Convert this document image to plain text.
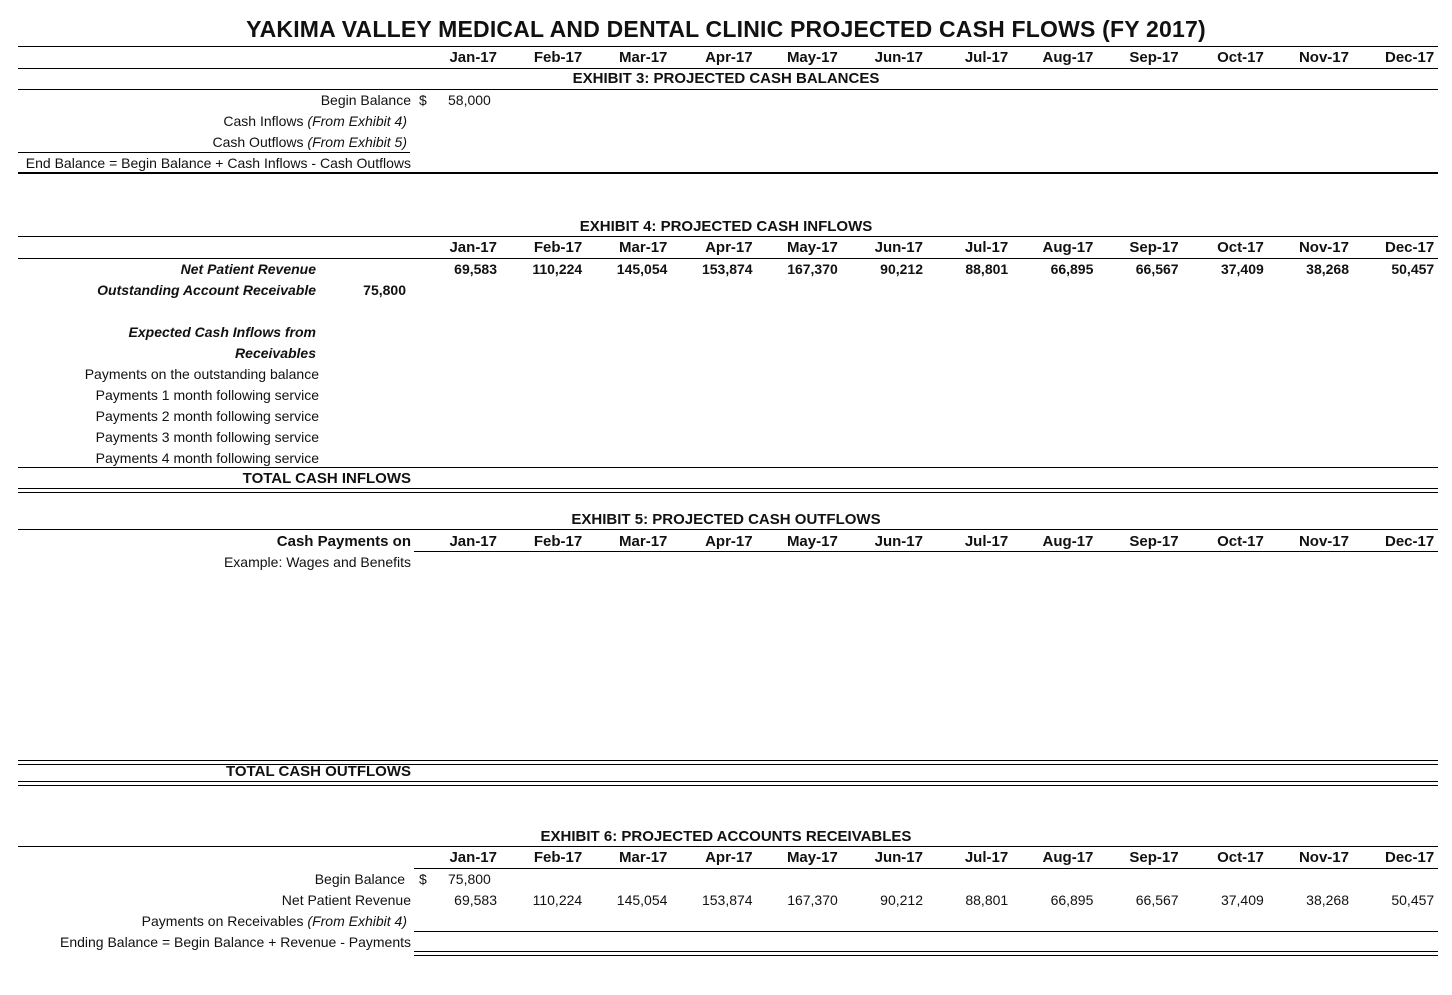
YAKIMA VALLEY MEDICAL AND DENTAL CLINIC PROJECTED CASH FLOWS (FY 2017)
Jan-17	Feb-17	Mar-17	Apr-17	May-17	Jun-17	Jul-17	Aug-17	Sep-17	Oct-17	Nov-17	Dec-17
EXHIBIT 3: PROJECTED CASH BALANCES
Begin Balance $ 58,000
Cash Inflows (From Exhibit 4)
Cash Outflows (From Exhibit 5)
End Balance = Begin Balance + Cash Inflows - Cash Outflows
EXHIBIT 4: PROJECTED CASH INFLOWS
Jan-17	Feb-17	Mar-17	Apr-17	May-17	Jun-17	Jul-17	Aug-17	Sep-17	Oct-17	Nov-17	Dec-17
Net Patient Revenue	69,583	110,224	145,054	153,874	167,370	90,212	88,801	66,895	66,567	37,409	38,268	50,457
Outstanding Account Receivable	75,800
Expected Cash Inflows from
Receivables
Payments on the outstanding balance
Payments 1 month following service
Payments 2 month following service
Payments 3 month following service
Payments 4 month following service
TOTAL CASH INFLOWS
EXHIBIT 5: PROJECTED CASH OUTFLOWS
Cash Payments on	Jan-17	Feb-17	Mar-17	Apr-17	May-17	Jun-17	Jul-17	Aug-17	Sep-17	Oct-17	Nov-17	Dec-17
Example: Wages and Benefits
TOTAL CASH OUTFLOWS
EXHIBIT 6: PROJECTED ACCOUNTS RECEIVABLES
Jan-17	Feb-17	Mar-17	Apr-17	May-17	Jun-17	Jul-17	Aug-17	Sep-17	Oct-17	Nov-17	Dec-17
Begin Balance $ 75,800
Net Patient Revenue	69,583	110,224	145,054	153,874	167,370	90,212	88,801	66,895	66,567	37,409	38,268	50,457
Payments on Receivables (From Exhibit 4)
Ending Balance = Begin Balance + Revenue - Payments
